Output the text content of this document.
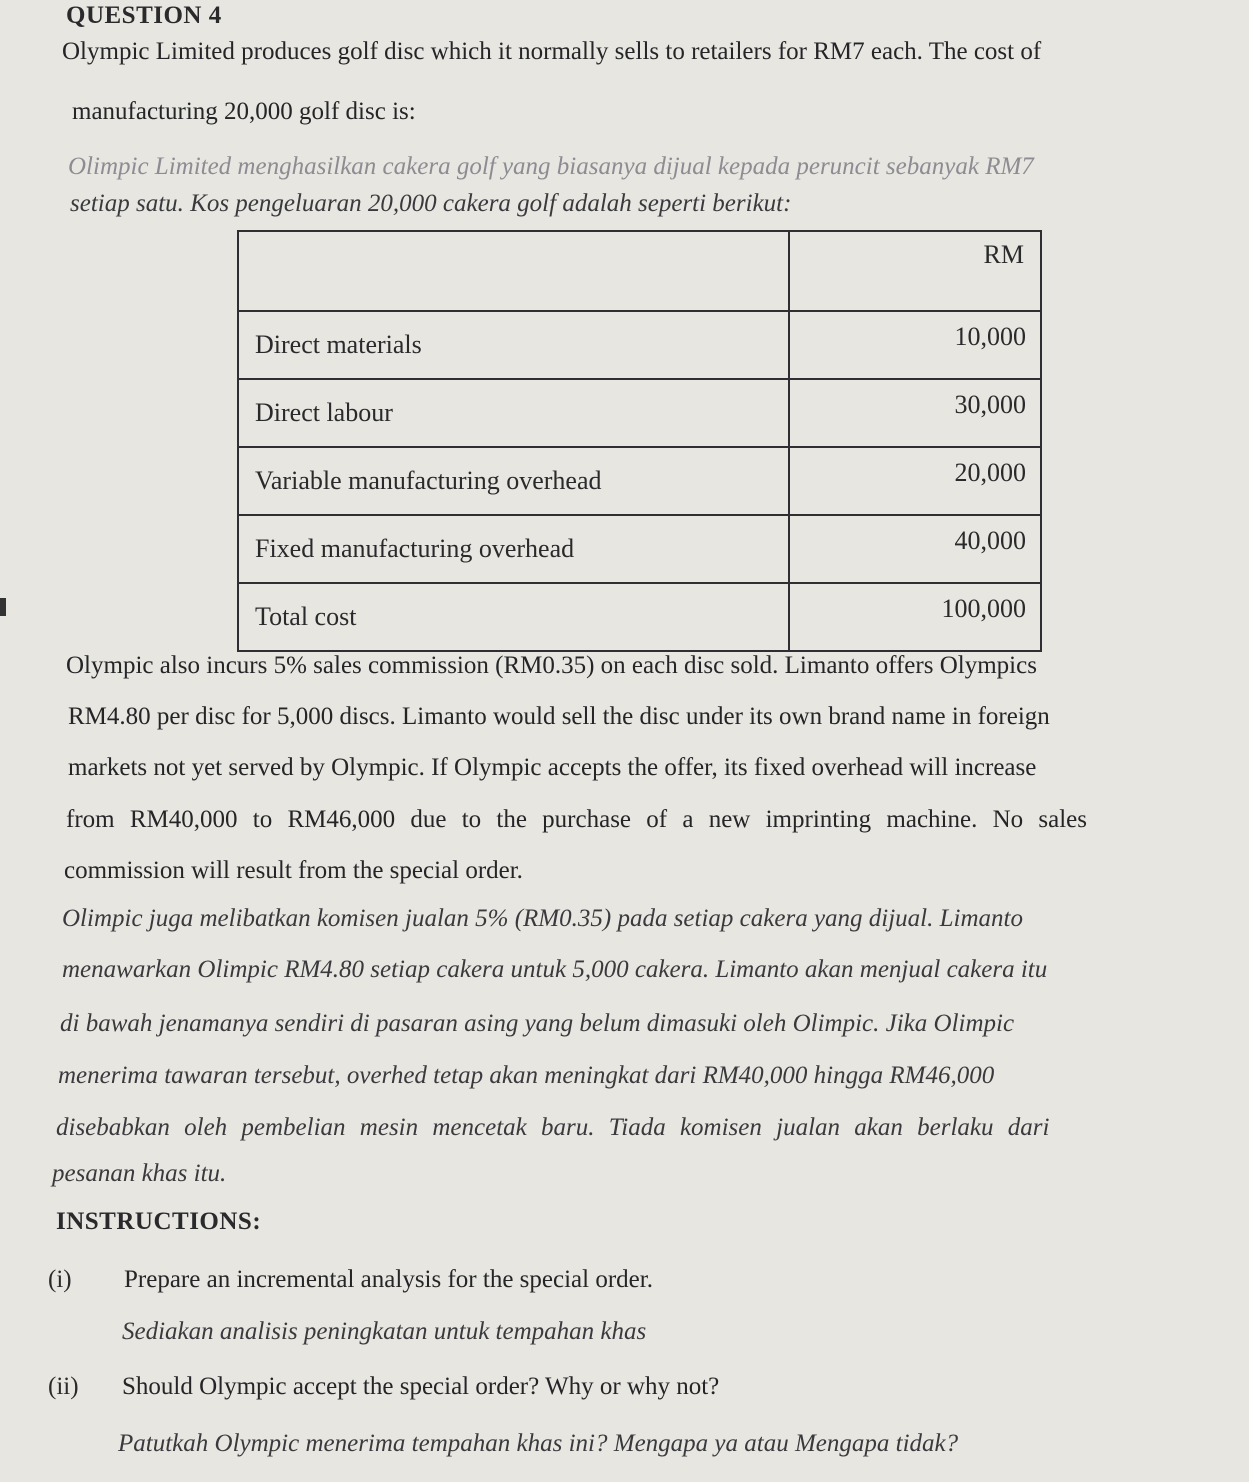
QUESTION 4
Olympic Limited produces golf disc which it normally sells to retailers for RM7 each. The cost of
manufacturing 20,000 golf disc is:
Olimpic Limited menghasilkan cakera golf yang biasanya dijual kepada peruncit sebanyak RM7
setiap satu. Kos pengeluaran 20,000 cakera golf adalah seperti berikut:
	RM
Direct materials	10,000
Direct labour	30,000
Variable manufacturing overhead	20,000
Fixed manufacturing overhead	40,000
Total cost	100,000
Olympic also incurs 5% sales commission (RM0.35) on each disc sold. Limanto offers Olympics
RM4.80 per disc for 5,000 discs. Limanto would sell the disc under its own brand name in foreign
markets not yet served by Olympic. If Olympic accepts the offer, its fixed overhead will increase
from RM40,000 to RM46,000 due to the purchase of a new imprinting machine. No sales
commission will result from the special order.
Olimpic juga melibatkan komisen jualan 5% (RM0.35) pada setiap cakera yang dijual. Limanto
menawarkan Olimpic RM4.80 setiap cakera untuk 5,000 cakera. Limanto akan menjual cakera itu
di bawah jenamanya sendiri di pasaran asing yang belum dimasuki oleh Olimpic. Jika Olimpic
menerima tawaran tersebut, overhed tetap akan meningkat dari RM40,000 hingga RM46,000
disebabkan oleh pembelian mesin mencetak baru. Tiada komisen jualan akan berlaku dari
pesanan khas itu.
INSTRUCTIONS:
(i) Prepare an incremental analysis for the special order.
Sediakan analisis peningkatan untuk tempahan khas
(ii) Should Olympic accept the special order? Why or why not?
Patutkah Olympic menerima tempahan khas ini? Mengapa ya atau Mengapa tidak?
